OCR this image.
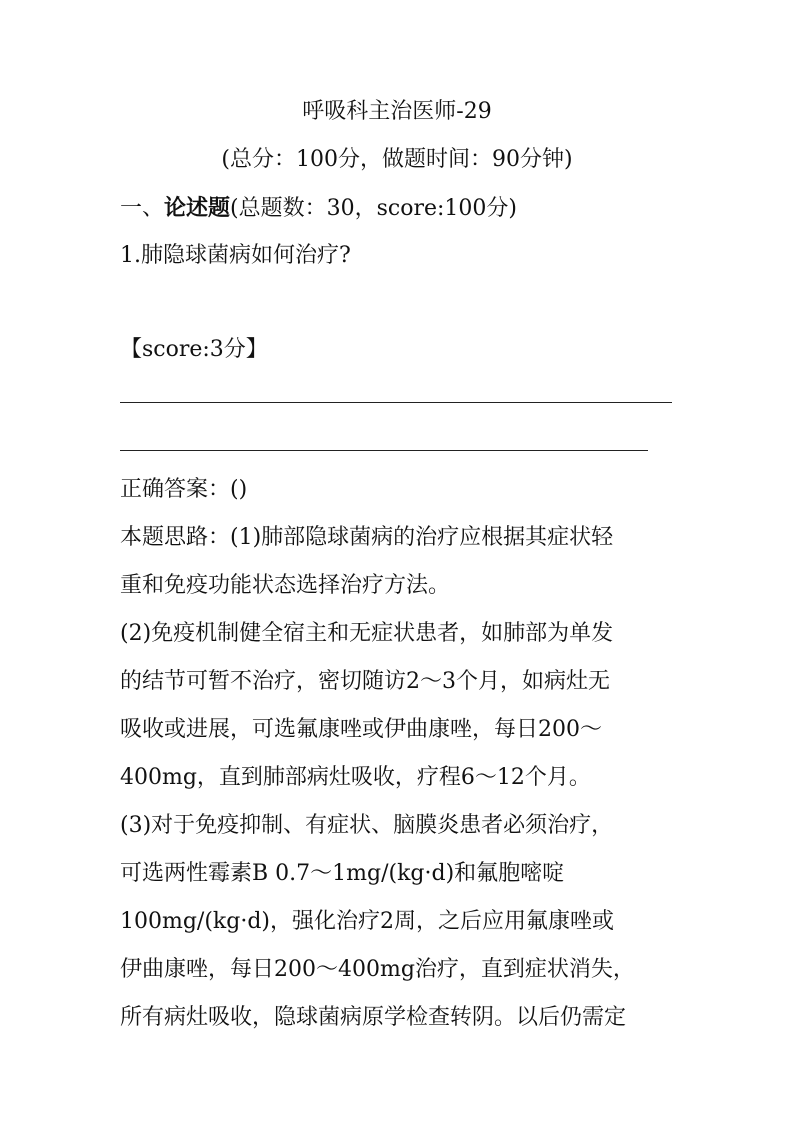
呼吸科主治医师-29
(总分：100分，做题时间：90分钟)
一、论述题(总题数：30，score:100分)
1.肺隐球菌病如何治疗?
【score:3分】
正确答案：()
本题思路：(1)肺部隐球菌病的治疗应根据其症状轻
重和免疫功能状态选择治疗方法。
(2)免疫机制健全宿主和无症状患者，如肺部为单发
的结节可暂不治疗，密切随访2～3个月，如病灶无
吸收或进展，可选氟康唑或伊曲康唑，每日200～
400mg，直到肺部病灶吸收，疗程6～12个月。
(3)对于免疫抑制、有症状、脑膜炎患者必须治疗，
可选两性霉素B 0.7～1mg/(kg·d)和氟胞嘧啶
100mg/(kg·d)，强化治疗2周，之后应用氟康唑或
伊曲康唑，每日200～400mg治疗，直到症状消失，
所有病灶吸收，隐球菌病原学检查转阴。以后仍需定
